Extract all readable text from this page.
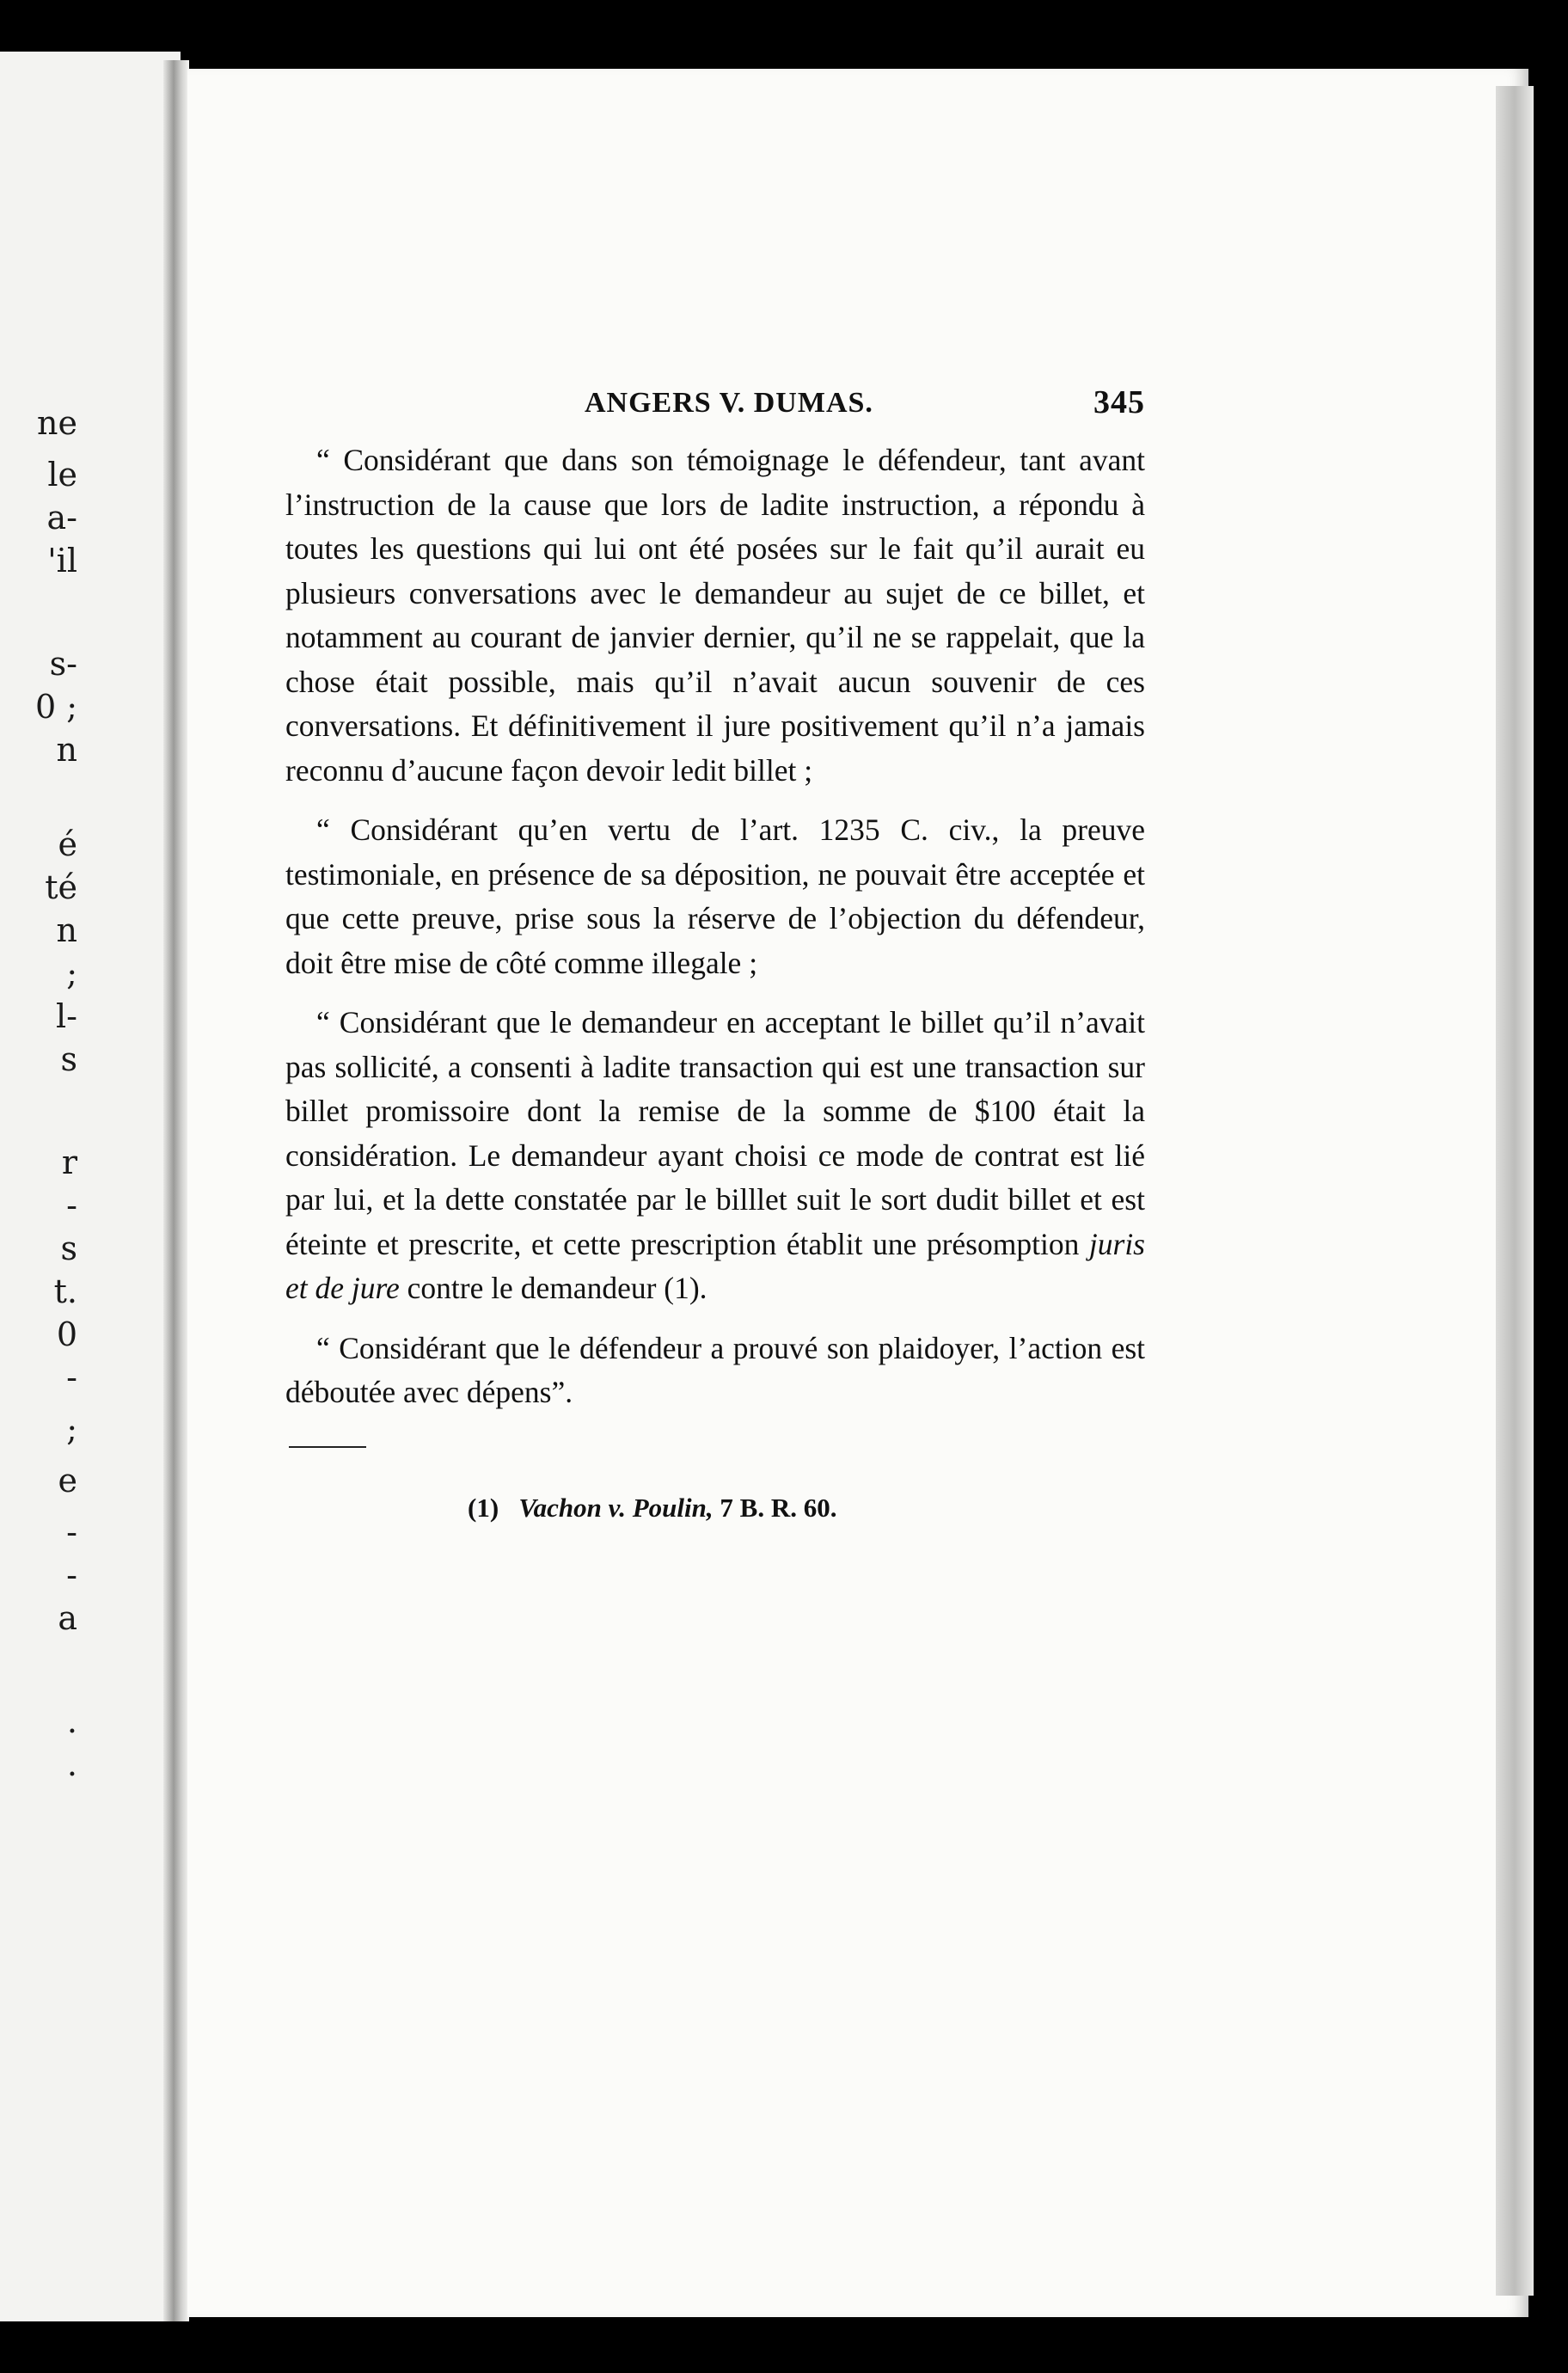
ne
le
a-
'il
s-
0 ;
n
é
té
n
;
l-
s
r
-
s
t.
0
-
;
e
-
-
a
.
.
ANGERS V. DUMAS.	345

“ Considérant que dans son témoignage le défendeur, tant avant l’instruction de la cause que lors de ladite instruction, a répondu à toutes les questions qui lui ont été posées sur le fait qu’il aurait eu plusieurs conversations avec le demandeur au sujet de ce billet, et notamment au courant de janvier dernier, qu’il ne se rappelait, que la chose était possible, mais qu’il n’avait aucun souvenir de ces conversations. Et définitivement il jure positivement qu’il n’a jamais reconnu d’aucune façon devoir ledit billet ;

“ Considérant qu’en vertu de l’art. 1235 C. civ., la preuve testimoniale, en présence de sa déposition, ne pouvait être acceptée et que cette preuve, prise sous la réserve de l’objection du défendeur, doit être mise de côté comme illegale ;

“ Considérant que le demandeur en acceptant le billet qu’il n’avait pas sollicité, a consenti à ladite transaction qui est une transaction sur billet promissoire dont la remise de la somme de $100 était la considération. Le demandeur ayant choisi ce mode de contrat est lié par lui, et la dette constatée par le billlet suit le sort dudit billet et est éteinte et prescrite, et cette prescription établit une présomption juris et de jure contre le demandeur (1).

“ Considérant que le défendeur a prouvé son plaidoyer, l’action est déboutée avec dépens”.

(1) Vachon v. Poulin, 7 B. R. 60.
